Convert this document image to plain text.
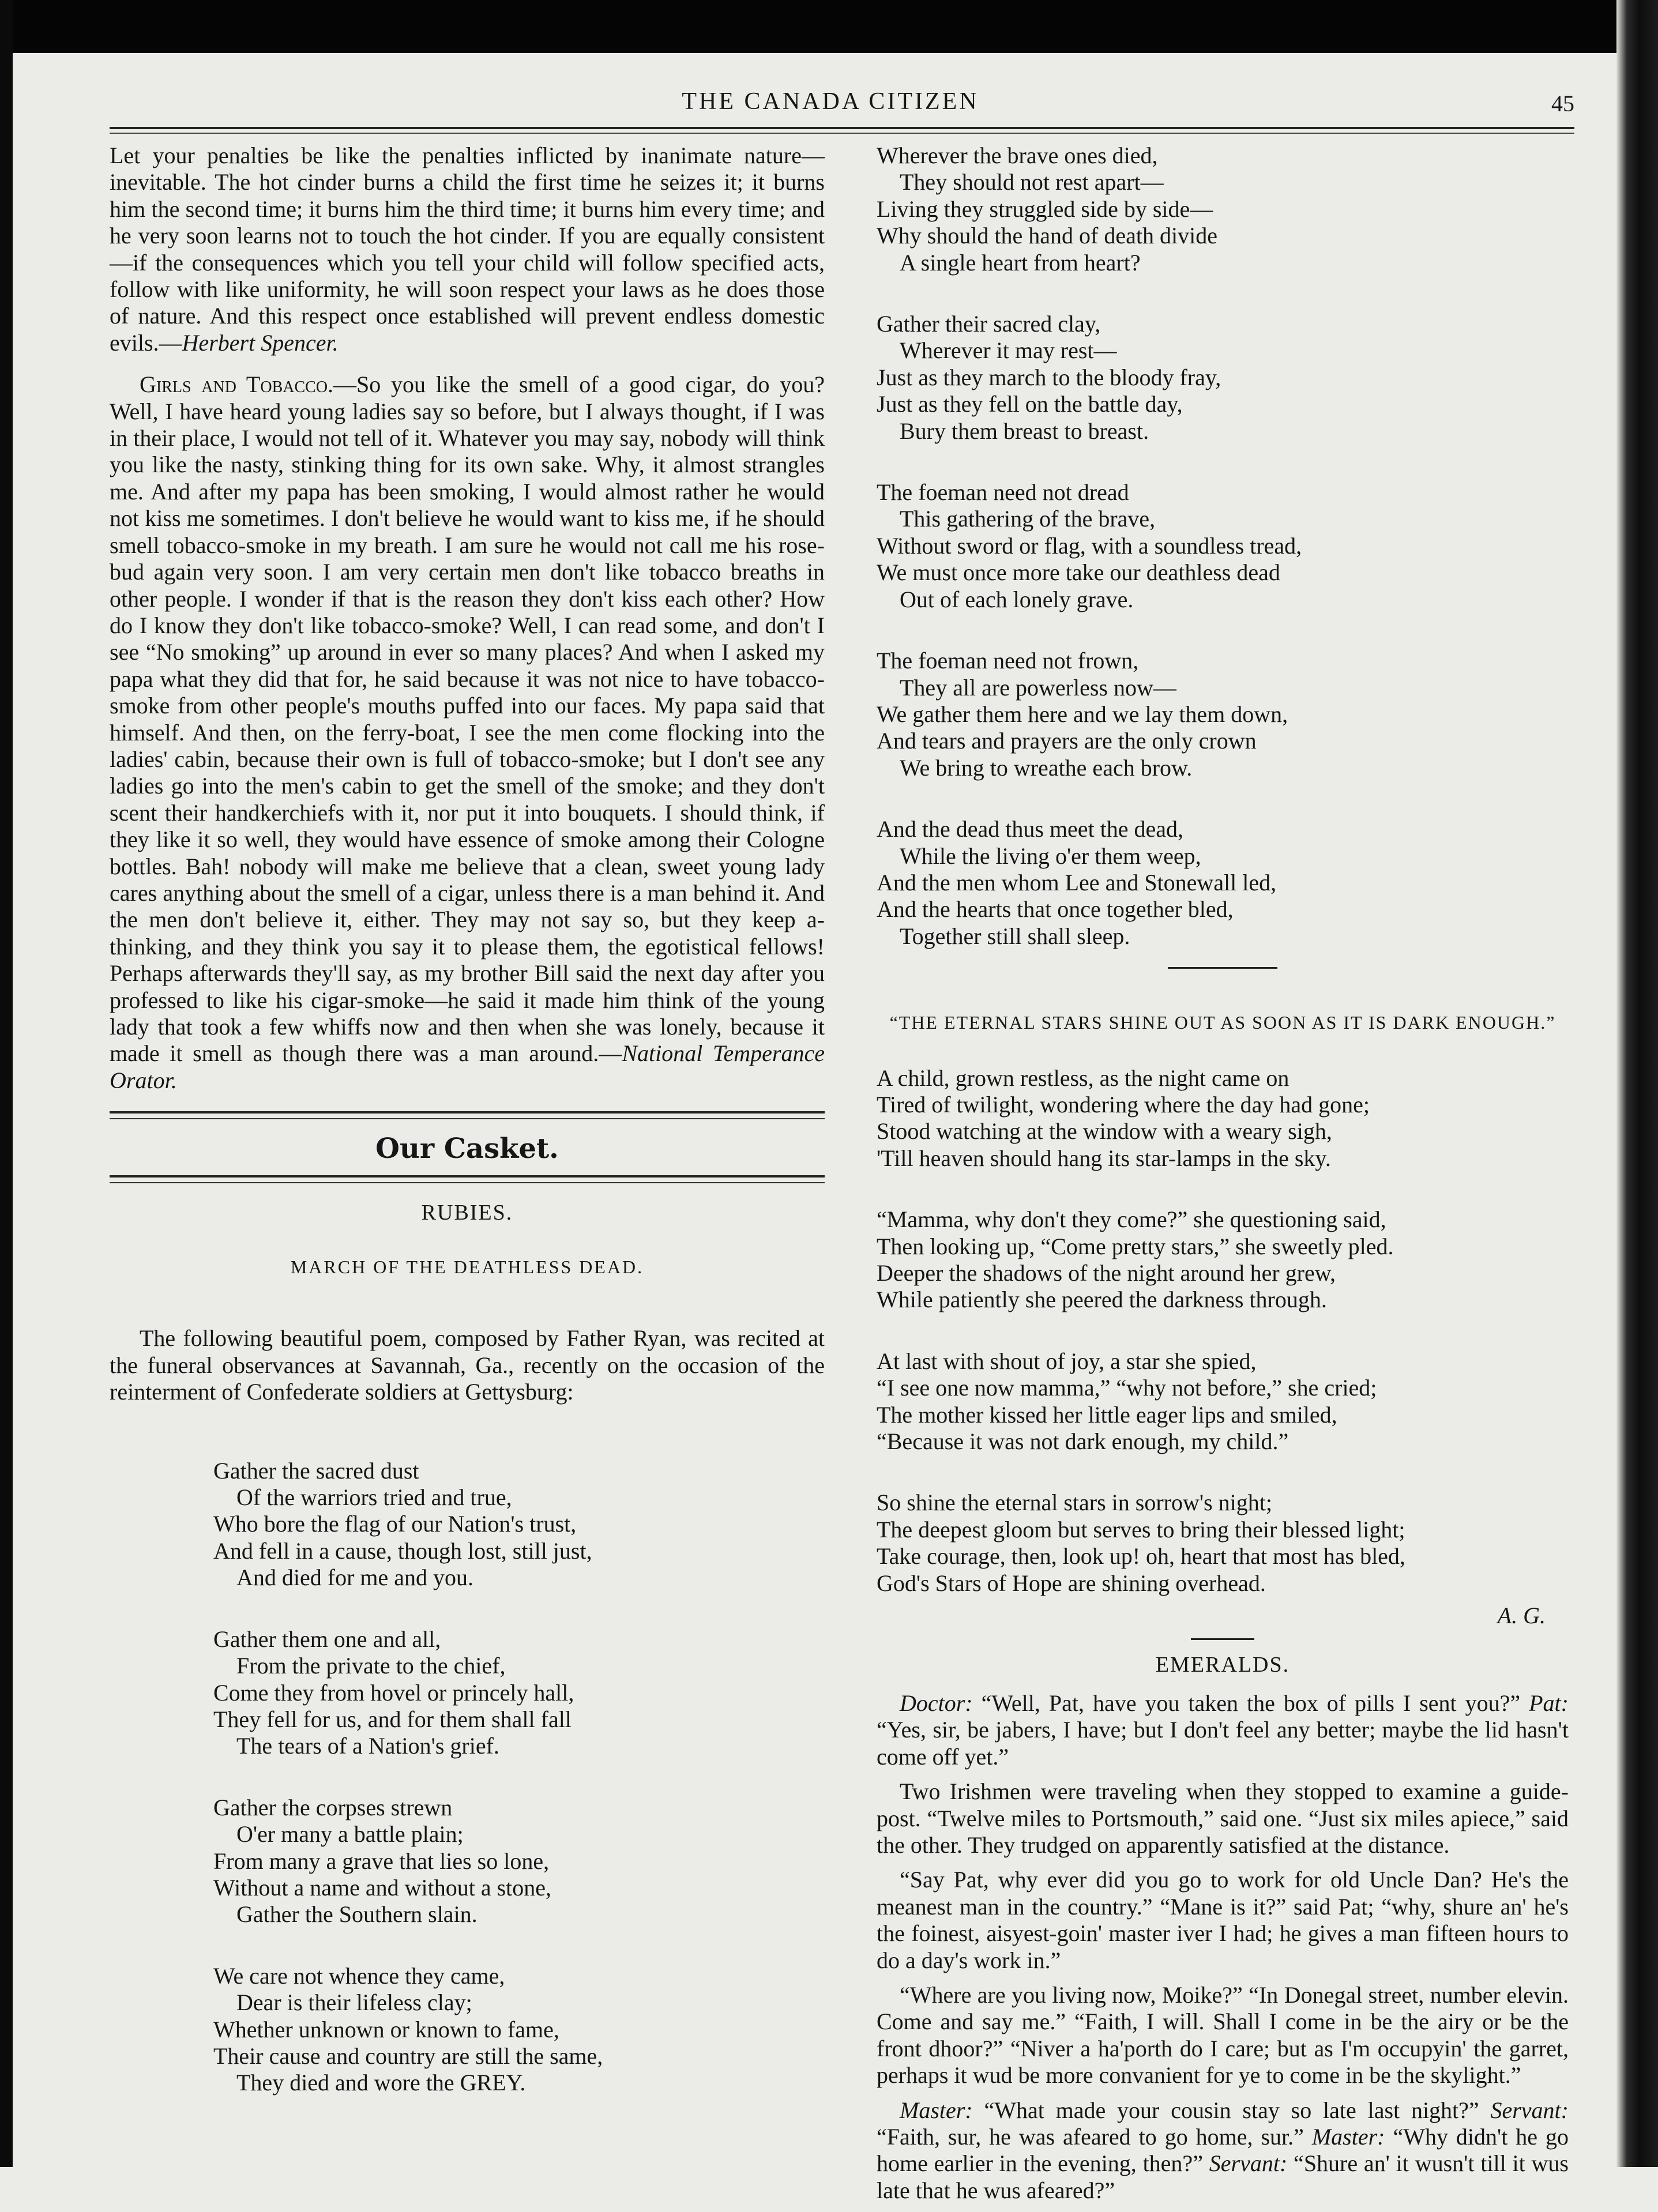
THE CANADA CITIZEN	45

Let your penalties be like the penalties inflicted by inanimate nature—inevitable. The hot cinder burns a child the first time he seizes it; it burns him the second time; it burns him the third time; it burns him every time; and he very soon learns not to touch the hot cinder. If you are equally consistent—if the consequences which you tell your child will follow specified acts, follow with like uniformity, he will soon respect your laws as he does those of nature. And this respect once established will prevent endless domestic evils.—Herbert Spencer.

Girls and Tobacco.—So you like the smell of a good cigar, do you? Well, I have heard young ladies say so before, but I always thought, if I was in their place, I would not tell of it. Whatever you may say, nobody will think you like the nasty, stinking thing for its own sake. Why, it almost strangles me. And after my papa has been smoking, I would almost rather he would not kiss me sometimes. I don't believe he would want to kiss me, if he should smell tobacco-smoke in my breath. I am sure he would not call me his rose-bud again very soon. I am very certain men don't like tobacco breaths in other people. I wonder if that is the reason they don't kiss each other? How do I know they don't like tobacco-smoke? Well, I can read some, and don't I see “No smoking” up around in ever so many places? And when I asked my papa what they did that for, he said because it was not nice to have tobacco-smoke from other people's mouths puffed into our faces. My papa said that himself. And then, on the ferry-boat, I see the men come flocking into the ladies' cabin, because their own is full of tobacco-smoke; but I don't see any ladies go into the men's cabin to get the smell of the smoke; and they don't scent their handkerchiefs with it, nor put it into bouquets. I should think, if they like it so well, they would have essence of smoke among their Cologne bottles. Bah! nobody will make me believe that a clean, sweet young lady cares anything about the smell of a cigar, unless there is a man behind it. And the men don't believe it, either. They may not say so, but they keep a-thinking, and they think you say it to please them, the egotistical fellows! Perhaps afterwards they'll say, as my brother Bill said the next day after you professed to like his cigar-smoke—he said it made him think of the young lady that took a few whiffs now and then when she was lonely, because it made it smell as though there was a man around.—National Temperance Orator.

Our Casket.
RUBIES.
MARCH OF THE DEATHLESS DEAD.

The following beautiful poem, composed by Father Ryan, was recited at the funeral observances at Savannah, Ga., recently on the occasion of the reinterment of Confederate soldiers at Gettysburg:

Gather the sacred dust
Of the warriors tried and true,
Who bore the flag of our Nation's trust,
And fell in a cause, though lost, still just,
And died for me and you.
Gather them one and all,
From the private to the chief,
Come they from hovel or princely hall,
They fell for us, and for them shall fall
The tears of a Nation's grief.
Gather the corpses strewn
O'er many a battle plain;
From many a grave that lies so lone,
Without a name and without a stone,
Gather the Southern slain.
We care not whence they came,
Dear is their lifeless clay;
Whether unknown or known to fame,
Their cause and country are still the same,
They died and wore the GREY.
Wherever the brave ones died,
They should not rest apart—
Living they struggled side by side—
Why should the hand of death divide
A single heart from heart?
Gather their sacred clay,
Wherever it may rest—
Just as they march to the bloody fray,
Just as they fell on the battle day,
Bury them breast to breast.
The foeman need not dread
This gathering of the brave,
Without sword or flag, with a soundless tread,
We must once more take our deathless dead
Out of each lonely grave.
The foeman need not frown,
They all are powerless now—
We gather them here and we lay them down,
And tears and prayers are the only crown
We bring to wreathe each brow.
And the dead thus meet the dead,
While the living o'er them weep,
And the men whom Lee and Stonewall led,
And the hearts that once together bled,
Together still shall sleep.
“THE ETERNAL STARS SHINE OUT AS SOON AS IT IS DARK ENOUGH.”
A child, grown restless, as the night came on
Tired of twilight, wondering where the day had gone;
Stood watching at the window with a weary sigh,
'Till heaven should hang its star-lamps in the sky.
“Mamma, why don't they come?” she questioning said,
Then looking up, “Come pretty stars,” she sweetly pled.
Deeper the shadows of the night around her grew,
While patiently she peered the darkness through.
At last with shout of joy, a star she spied,
“I see one now mamma,” “why not before,” she cried;
The mother kissed her little eager lips and smiled,
“Because it was not dark enough, my child.”
So shine the eternal stars in sorrow's night;
The deepest gloom but serves to bring their blessed light;
Take courage, then, look up! oh, heart that most has bled,
God's Stars of Hope are shining overhead.
A. G.
EMERALDS.

Doctor: “Well, Pat, have you taken the box of pills I sent you?” Pat: “Yes, sir, be jabers, I have; but I don't feel any better; maybe the lid hasn't come off yet.”

Two Irishmen were traveling when they stopped to examine a guide-post. “Twelve miles to Portsmouth,” said one. “Just six miles apiece,” said the other. They trudged on apparently satisfied at the distance.

“Say Pat, why ever did you go to work for old Uncle Dan? He's the meanest man in the country.” “Mane is it?” said Pat; “why, shure an' he's the foinest, aisyest-goin' master iver I had; he gives a man fifteen hours to do a day's work in.”

“Where are you living now, Moike?” “In Donegal street, number elevin. Come and say me.” “Faith, I will. Shall I come in be the airy or be the front dhoor?” “Niver a ha'porth do I care; but as I'm occupyin' the garret, perhaps it wud be more convanient for ye to come in be the skylight.”

Master: “What made your cousin stay so late last night?” Servant: “Faith, sur, he was afeared to go home, sur.” Master: “Why didn't he go home earlier in the evening, then?” Servant: “Shure an' it wusn't till it wus late that he wus afeared?”
